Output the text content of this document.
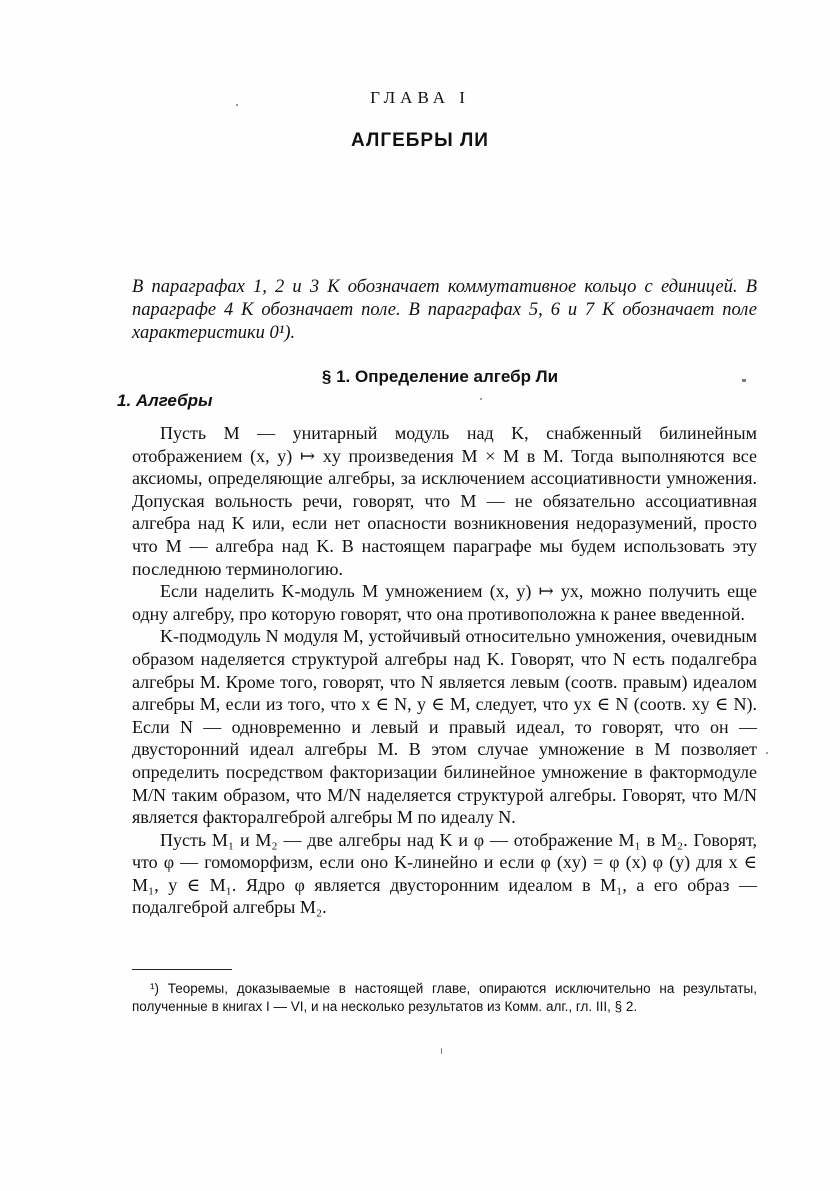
ГЛАВА I
АЛГЕБРЫ ЛИ

В параграфах 1, 2 и 3 K обозначает коммутативное кольцо с единицей. В параграфе 4 K обозначает поле. В параграфах 5, 6 и 7 K обозначает поле характеристики 0¹).

§ 1. Определение алгебр Ли
1. Алгебры

Пусть M — унитарный модуль над K, снабженный билинейным отображением (x, y) ↦ xy произведения M × M в M. Тогда выполняются все аксиомы, определяющие алгебры, за исключением ассоциативности умножения. Допуская вольность речи, говорят, что M — не обязательно ассоциативная алгебра над K или, если нет опасности возникновения недоразумений, просто что M — алгебра над K. В настоящем параграфе мы будем использовать эту последнюю терминологию.

Если наделить K-модуль M умножением (x, y) ↦ yx, можно получить еще одну алгебру, про которую говорят, что она противоположна к ранее введенной.

K-подмодуль N модуля M, устойчивый относительно умножения, очевидным образом наделяется структурой алгебры над K. Говорят, что N есть подалгебра алгебры M. Кроме того, говорят, что N является левым (соотв. правым) идеалом алгебры M, если из того, что x ∈ N, y ∈ M, следует, что yx ∈ N (соотв. xy ∈ N). Если N — одновременно и левый и правый идеал, то говорят, что он — двусторонний идеал алгебры M. В этом случае умножение в M позволяет определить посредством факторизации билинейное умножение в фактормодуле M/N таким образом, что M/N наделяется структурой алгебры. Говорят, что M/N является факторалгеброй алгебры M по идеалу N.

Пусть M₁ и M₂ — две алгебры над K и φ — отображение M₁ в M₂. Говорят, что φ — гомоморфизм, если оно K-линейно и если φ (xy) = φ (x) φ (y) для x ∈ M₁, y ∈ M₁. Ядро φ является двусторонним идеалом в M₁, а его образ — подалгеброй алгебры M₂.

¹) Теоремы, доказываемые в настоящей главе, опираются исключительно на результаты, полученные в книгах I — VI, и на несколько результатов из Комм. алг., гл. III, § 2.
